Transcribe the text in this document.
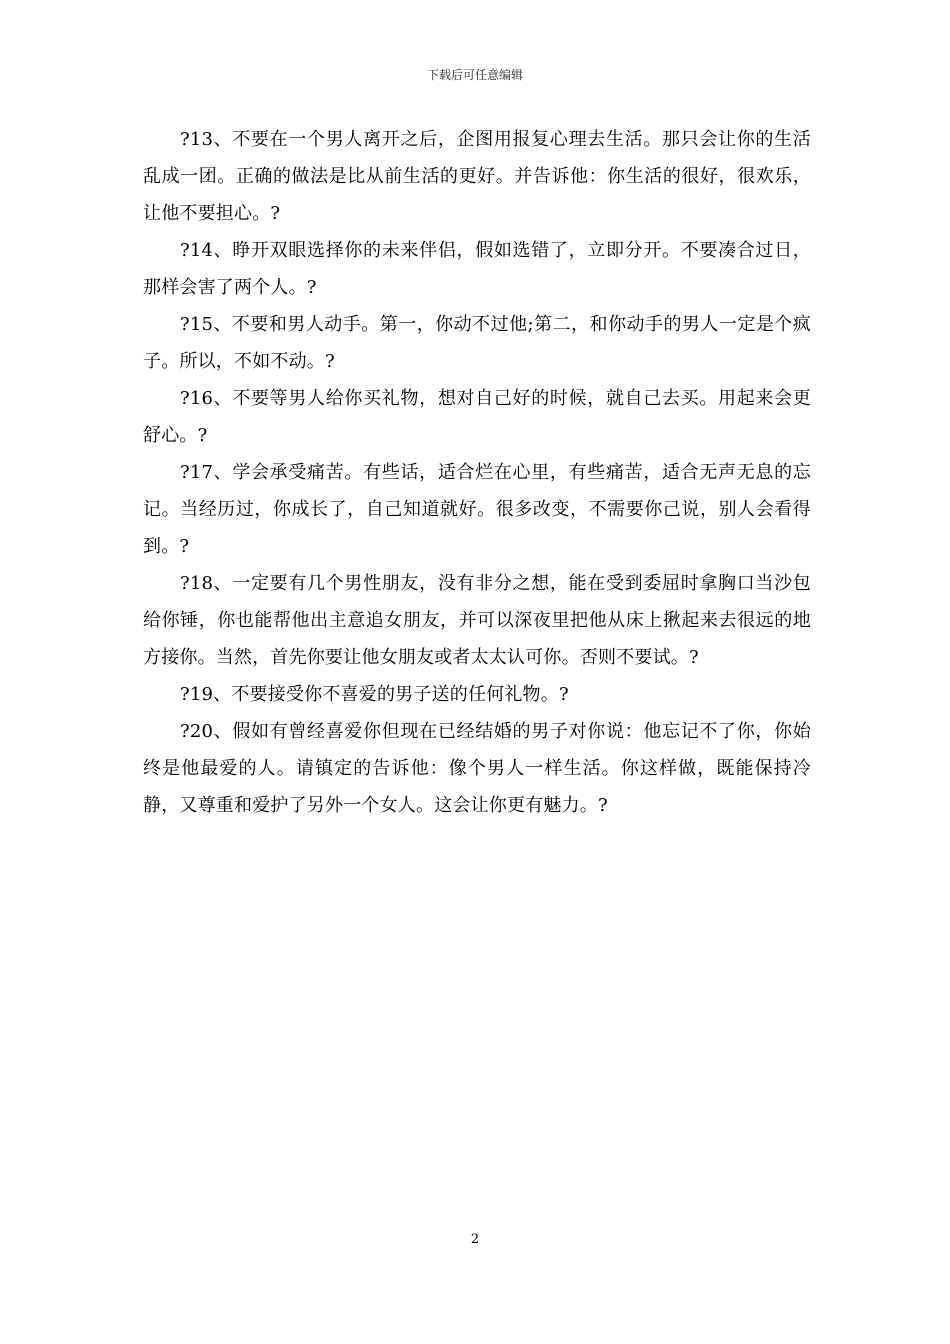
下载后可任意编辑

?13、不要在一个男人离开之后，企图用报复心理去生活。那只会让你的生活乱成一团。正确的做法是比从前生活的更好。并告诉他：你生活的很好，很欢乐，让他不要担心。?

?14、睁开双眼选择你的未来伴侣，假如选错了，立即分开。不要凑合过日，那样会害了两个人。?

?15、不要和男人动手。第一，你动不过他;第二，和你动手的男人一定是个疯子。所以，不如不动。?

?16、不要等男人给你买礼物，想对自己好的时候，就自己去买。用起来会更舒心。?

?17、学会承受痛苦。有些话，适合烂在心里，有些痛苦，适合无声无息的忘记。当经历过，你成长了，自己知道就好。很多改变，不需要你己说，别人会看得到。?

?18、一定要有几个男性朋友，没有非分之想，能在受到委屈时拿胸口当沙包给你锤，你也能帮他出主意追女朋友，并可以深夜里把他从床上揪起来去很远的地方接你。当然，首先你要让他女朋友或者太太认可你。否则不要试。?

?19、不要接受你不喜爱的男子送的任何礼物。?

?20、假如有曾经喜爱你但现在已经结婚的男子对你说：他忘记不了你，你始终是他最爱的人。请镇定的告诉他：像个男人一样生活。你这样做，既能保持冷静，又尊重和爱护了另外一个女人。这会让你更有魅力。?

2
